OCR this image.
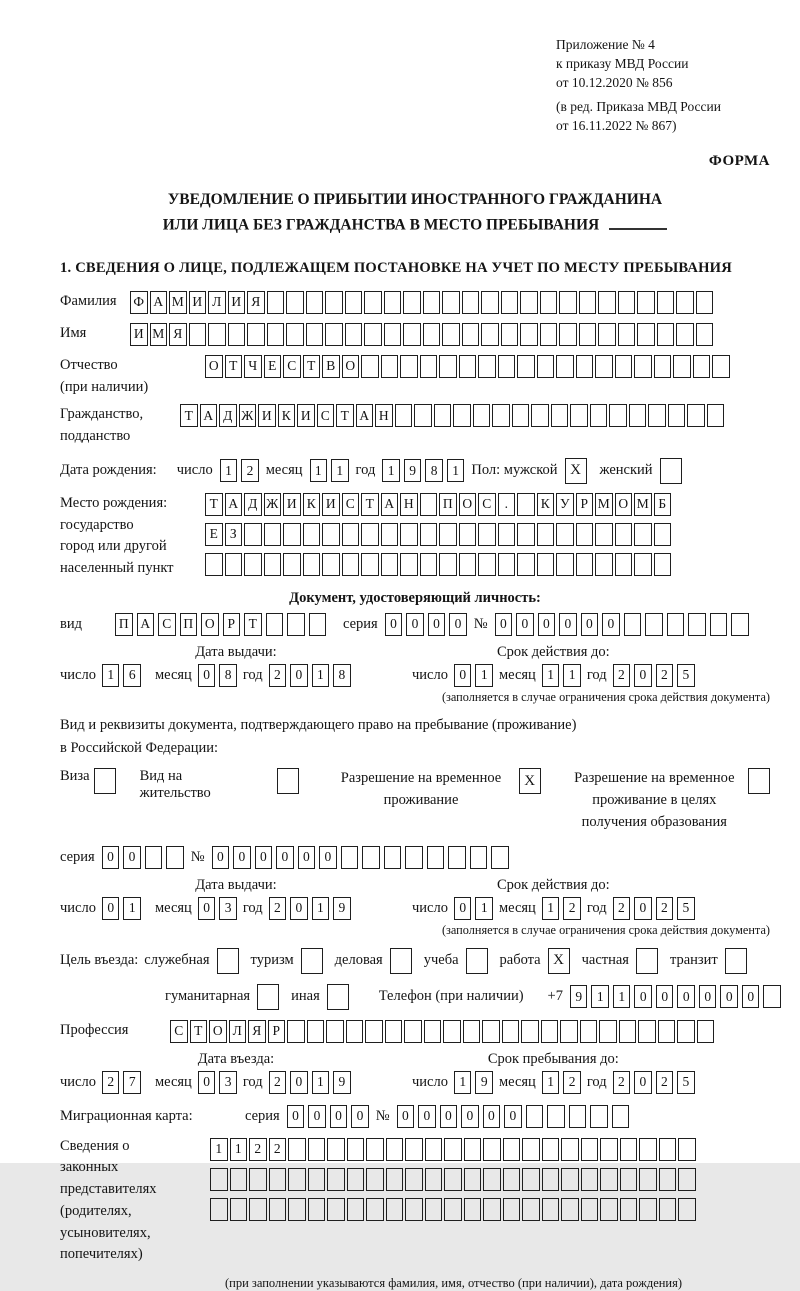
Приложение № 4
к приказу МВД России
от 10.12.2020 № 856
(в ред. Приказа МВД России
от 16.11.2022 № 867)
ФОРМА
УВЕДОМЛЕНИЕ О ПРИБЫТИИ ИНОСТРАННОГО ГРАЖДАНИНА
ИЛИ ЛИЦА БЕЗ ГРАЖДАНСТВА В МЕСТО ПРЕБЫВАНИЯ
1. СВЕДЕНИЯ О ЛИЦЕ, ПОДЛЕЖАЩЕМ ПОСТАНОВКЕ НА УЧЕТ ПО МЕСТУ ПРЕБЫВАНИЯ
Фамилия	Ф А М И Л И Я
Имя	И М Я
Отчество
(при наличии)
О Т Ч Е С Т В О
Гражданство,
подданство
Т А Д Ж И К И С Т А Н
Дата рождения: число 1	2 месяц 1	1 год 1	9	8	1 Пол: мужской X	женский
Место рождения:
государство
город или другой
населенный пункт
Т А Д Ж И К И С Т А Н П О С .	К У Р М О М Б
Е З
Документ, удостоверяющий личность:
вид	П А С П О Р	Т	серия 0	0	0	0 № 0	0	0	0	0	0
Дата выдачи:
число 1	6	месяц 0	8 год 2	0	1	8
Срок действия до:
число 0	1 месяц 1	1 год 2	0	2	5
(заполняется в случае ограничения срока действия документа)
Вид и реквизиты документа, подтверждающего право на пребывание (проживание)
в Российской Федерации:
Виза	Вид на жительство
Разрешение на временное
проживание
X	Разрешение на временное
проживание в целях
получения образования
серия 0	0	№ 0	0	0	0	0	0
Дата выдачи:
число 0	1	месяц 0	3 год 2	0	1	9
Срок действия до:
число 0	1 месяц 1	2 год 2	0	2	5
(заполняется в случае ограничения срока действия документа)
Цель въезда: служебная	туризм	деловая	учеба	работа X	частная	транзит
гуманитарная	иная	Телефон (при наличии) +7 9	1	1	0	0	0	0	0	0
Профессия	С Т О Л Я Р
Дата въезда:
число 2	7	месяц 0	3 год 2	0	1	9
Срок пребывания до:
число 1	9 месяц 1	2 год 2	0	2	5
Миграционная карта:	серия 0	0	0	0 № 0	0	0	0	0	0
Сведения о
законных
представителях
(родителях,
усыновителях,
попечителях)
1 1 2 2
(при заполнении указываются фамилия, имя, отчество (при наличии), дата рождения)
